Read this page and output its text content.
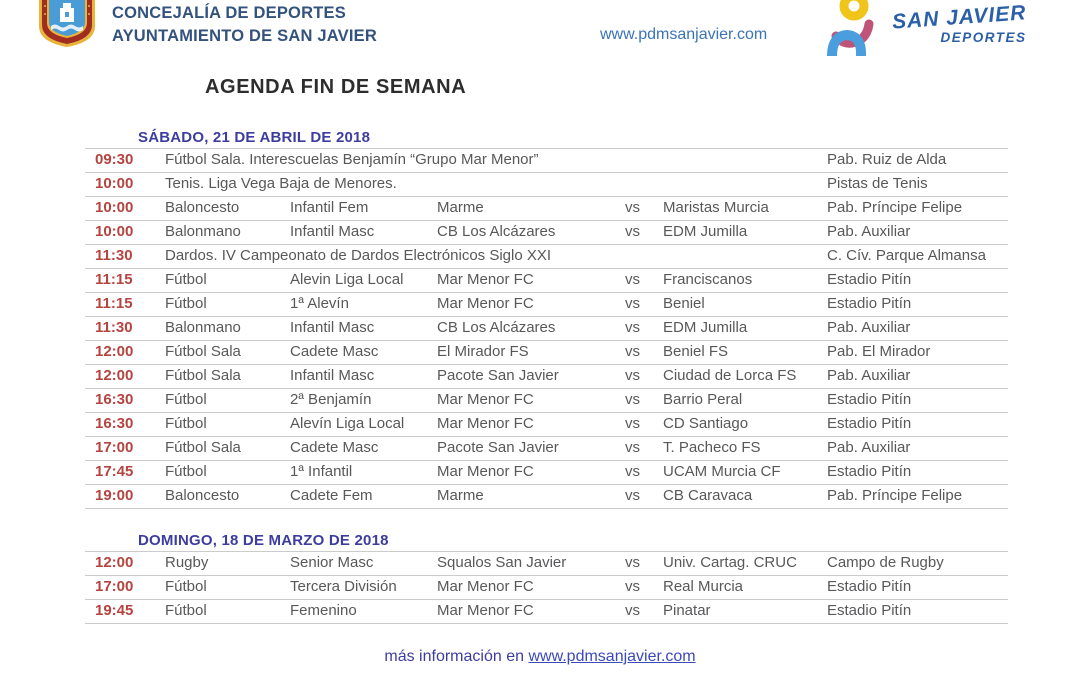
CONCEJALÍA DE DEPORTES
AYUNTAMIENTO DE SAN JAVIER	www.pdmsanjavier.com
SAN JAVIER
DEPORTES
AGENDA FIN DE SEMANA
SÁBADO, 21 DE ABRIL DE 2018
09:30	Fútbol Sala. Interescuelas Benjamín “Grupo Mar Menor”	Pab. Ruiz de Alda
10:00	Tenis. Liga Vega Baja de Menores.	Pistas de Tenis
10:00	Baloncesto	Infantil Fem	Marme	vs	Maristas Murcia	Pab. Príncipe Felipe
10:00	Balonmano	Infantil Masc	CB Los Alcázares	vs	EDM Jumilla	Pab. Auxiliar
11:30	Dardos. IV Campeonato de Dardos Electrónicos Siglo XXI	C. Cív. Parque Almansa
11:15	Fútbol	Alevin Liga Local	Mar Menor FC	vs	Franciscanos	Estadio Pitín
11:15	Fútbol	1ª Alevín	Mar Menor FC	vs	Beniel	Estadio Pitín
11:30	Balonmano	Infantil Masc	CB Los Alcázares	vs	EDM Jumilla	Pab. Auxiliar
12:00	Fútbol Sala	Cadete Masc	El Mirador FS	vs	Beniel FS	Pab. El Mirador
12:00	Fútbol Sala	Infantil Masc	Pacote San Javier	vs	Ciudad de Lorca FS	Pab. Auxiliar
16:30	Fútbol	2ª Benjamín	Mar Menor FC	vs	Barrio Peral	Estadio Pitín
16:30	Fútbol	Alevín Liga Local	Mar Menor FC	vs	CD Santiago	Estadio Pitín
17:00	Fútbol Sala	Cadete Masc	Pacote San Javier	vs	T. Pacheco FS	Pab. Auxiliar
17:45	Fútbol	1ª Infantil	Mar Menor FC	vs	UCAM Murcia CF	Estadio Pitín
19:00	Baloncesto	Cadete Fem	Marme	vs	CB Caravaca	Pab. Príncipe Felipe
DOMINGO, 18 DE MARZO DE 2018
12:00	Rugby	Senior Masc	Squalos San Javier	vs	Univ. Cartag. CRUC	Campo de Rugby
17:00	Fútbol	Tercera División	Mar Menor FC	vs	Real Murcia	Estadio Pitín
19:45	Fútbol	Femenino	Mar Menor FC	vs	Pinatar	Estadio Pitín
más información en www.pdmsanjavier.com
